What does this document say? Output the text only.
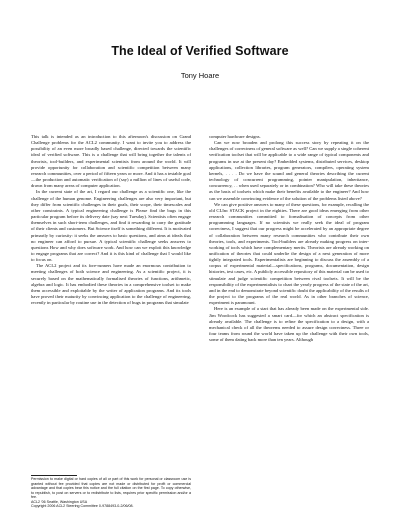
The Ideal of Verified Software
Tony Hoare

This talk is intended as an introduction to this afternoon's discussion on Grand Challenge problems for the ACL2 community. I want to invite you to address the possibility of an even more broadly based challenge, directed towards the scientific ideal of verified software. This is a challenge that will bring together the talents of theorists, tool-builders, and experimental scientists from around the world. It will provide opportunity for collaboration and scientific competition between many research communities, over a period of fifteen years or more. And it has a testable goal—the production and automatic verification of (say) a million of lines of useful code, drawn from many areas of computer application.

In the current state of the art, I regard our challenge as a scientific one, like the challenge of the human genome. Engineering challenges are also very important, but they differ from scientific challenges in their goals, their scope, their timescales and other constraints. A typical engineering challenge is Please find the bugs in this particular program before its delivery date (say next Tuesday). Scientists often engage themselves in such short-term challenges, and find it rewarding to carry the gratitude of their clients and customers. But Science itself is something different. It is motivated primarily by curiosity: it seeks the answers to basic questions, and aims at ideals that no engineer can afford to pursue. A typical scientific challenge seeks answers to questions How and why does software work. And how can we exploit this knowledge to engage programs that are correct? And it is this kind of challenge that I would like to focus on.

The ACL2 project and its fore-runners have made an enormous contribution to meeting challenges of both science and engineering. As a scientific project, it is securely based on the mathematically formalised theories of functions, arithmetic, algebra and logic. It has embodied these theories in a comprehensive toolset to make them accessible and exploitable by the writer of application programs. And its tools have proved their maturity by convincing application to the challenge of engineering, recently in particular by routine use in the detection of bugs in programs that simulate

computer hardware designs.

Can we now broaden and prolong this success story by repeating it on the challenges of correctness of general software as well? Can we supply a single coherent verification toolset that will be applicable to a wide range of typical components and programs in use at the present day? Embedded systems, distributed services, desktop applications, collection libraries, program generators, compilers, operating system kernels, . . . . Do we have the sound and general theories describing the current technology of concurrent programming, pointer manipulation, inheritance, concurrency, . . when used separately or in combination? Who will take these theories as the basis of toolsets which make their benefits available to the engineer? And how can we assemble convincing evidence of the solution of the problems listed above?

We can give positive answers to many of these questions, for example, recalling the old CLInc STACK project in the eighties. There are good ideas emerging from other research communities committed to formalisation of concepts from other programming languages. If no scientists we really seek the ideal of program correctness, I suggest that our progress might be accelerated by an appropriate degree of collaboration between many research communities who contribute their own theories, tools, and experiments. Tool-builders are already making progress on inter-working of tools which have complementary merits. Theorists are already working on unification of theories that could underlie the design of a next generation of more tightly integrated tools. Experimentalists are beginning to discuss the assembly of a corpus of experimental material—specifications, programs, documentation, design histories, test cases, etc. A publicly accessible repository of this material can be used to stimulate and judge scientific competition between rival toolsets. It will be the responsibility of the experimentalists to chart the yearly progress of the state of the art, and in the end to demonstrate beyond scientific doubt the applicability of the results of the project to the programs of the real world. As in other branches of science, experiment is paramount.

Here is an example of a start that has already been made on the experimental side. Jim Woodcock has suggested a smart card—for which an abstract specification is already available. The challenge is to refine the specification to a design, with a mechanical check of all the theorems needed to assure design correctness. Three or four teams from round the world have taken up the challenge with their own tools, some of them dating back more than ten years. Although

Permission to make digital or hard copies of all or part of this work for personal or classroom use is granted without fee provided that copies are not made or distributed for profit or commercial advantage and that copies bear this notice and the full citation on the first page. To copy otherwise, to republish, to post on servers or to redistribute to lists, requires prior specific permission and/or a fee.
ACL2 '06 Seattle, Washington USA
Copyright 2006 ACL2 Steering Committee 0-9788493-0-2/06/08.
